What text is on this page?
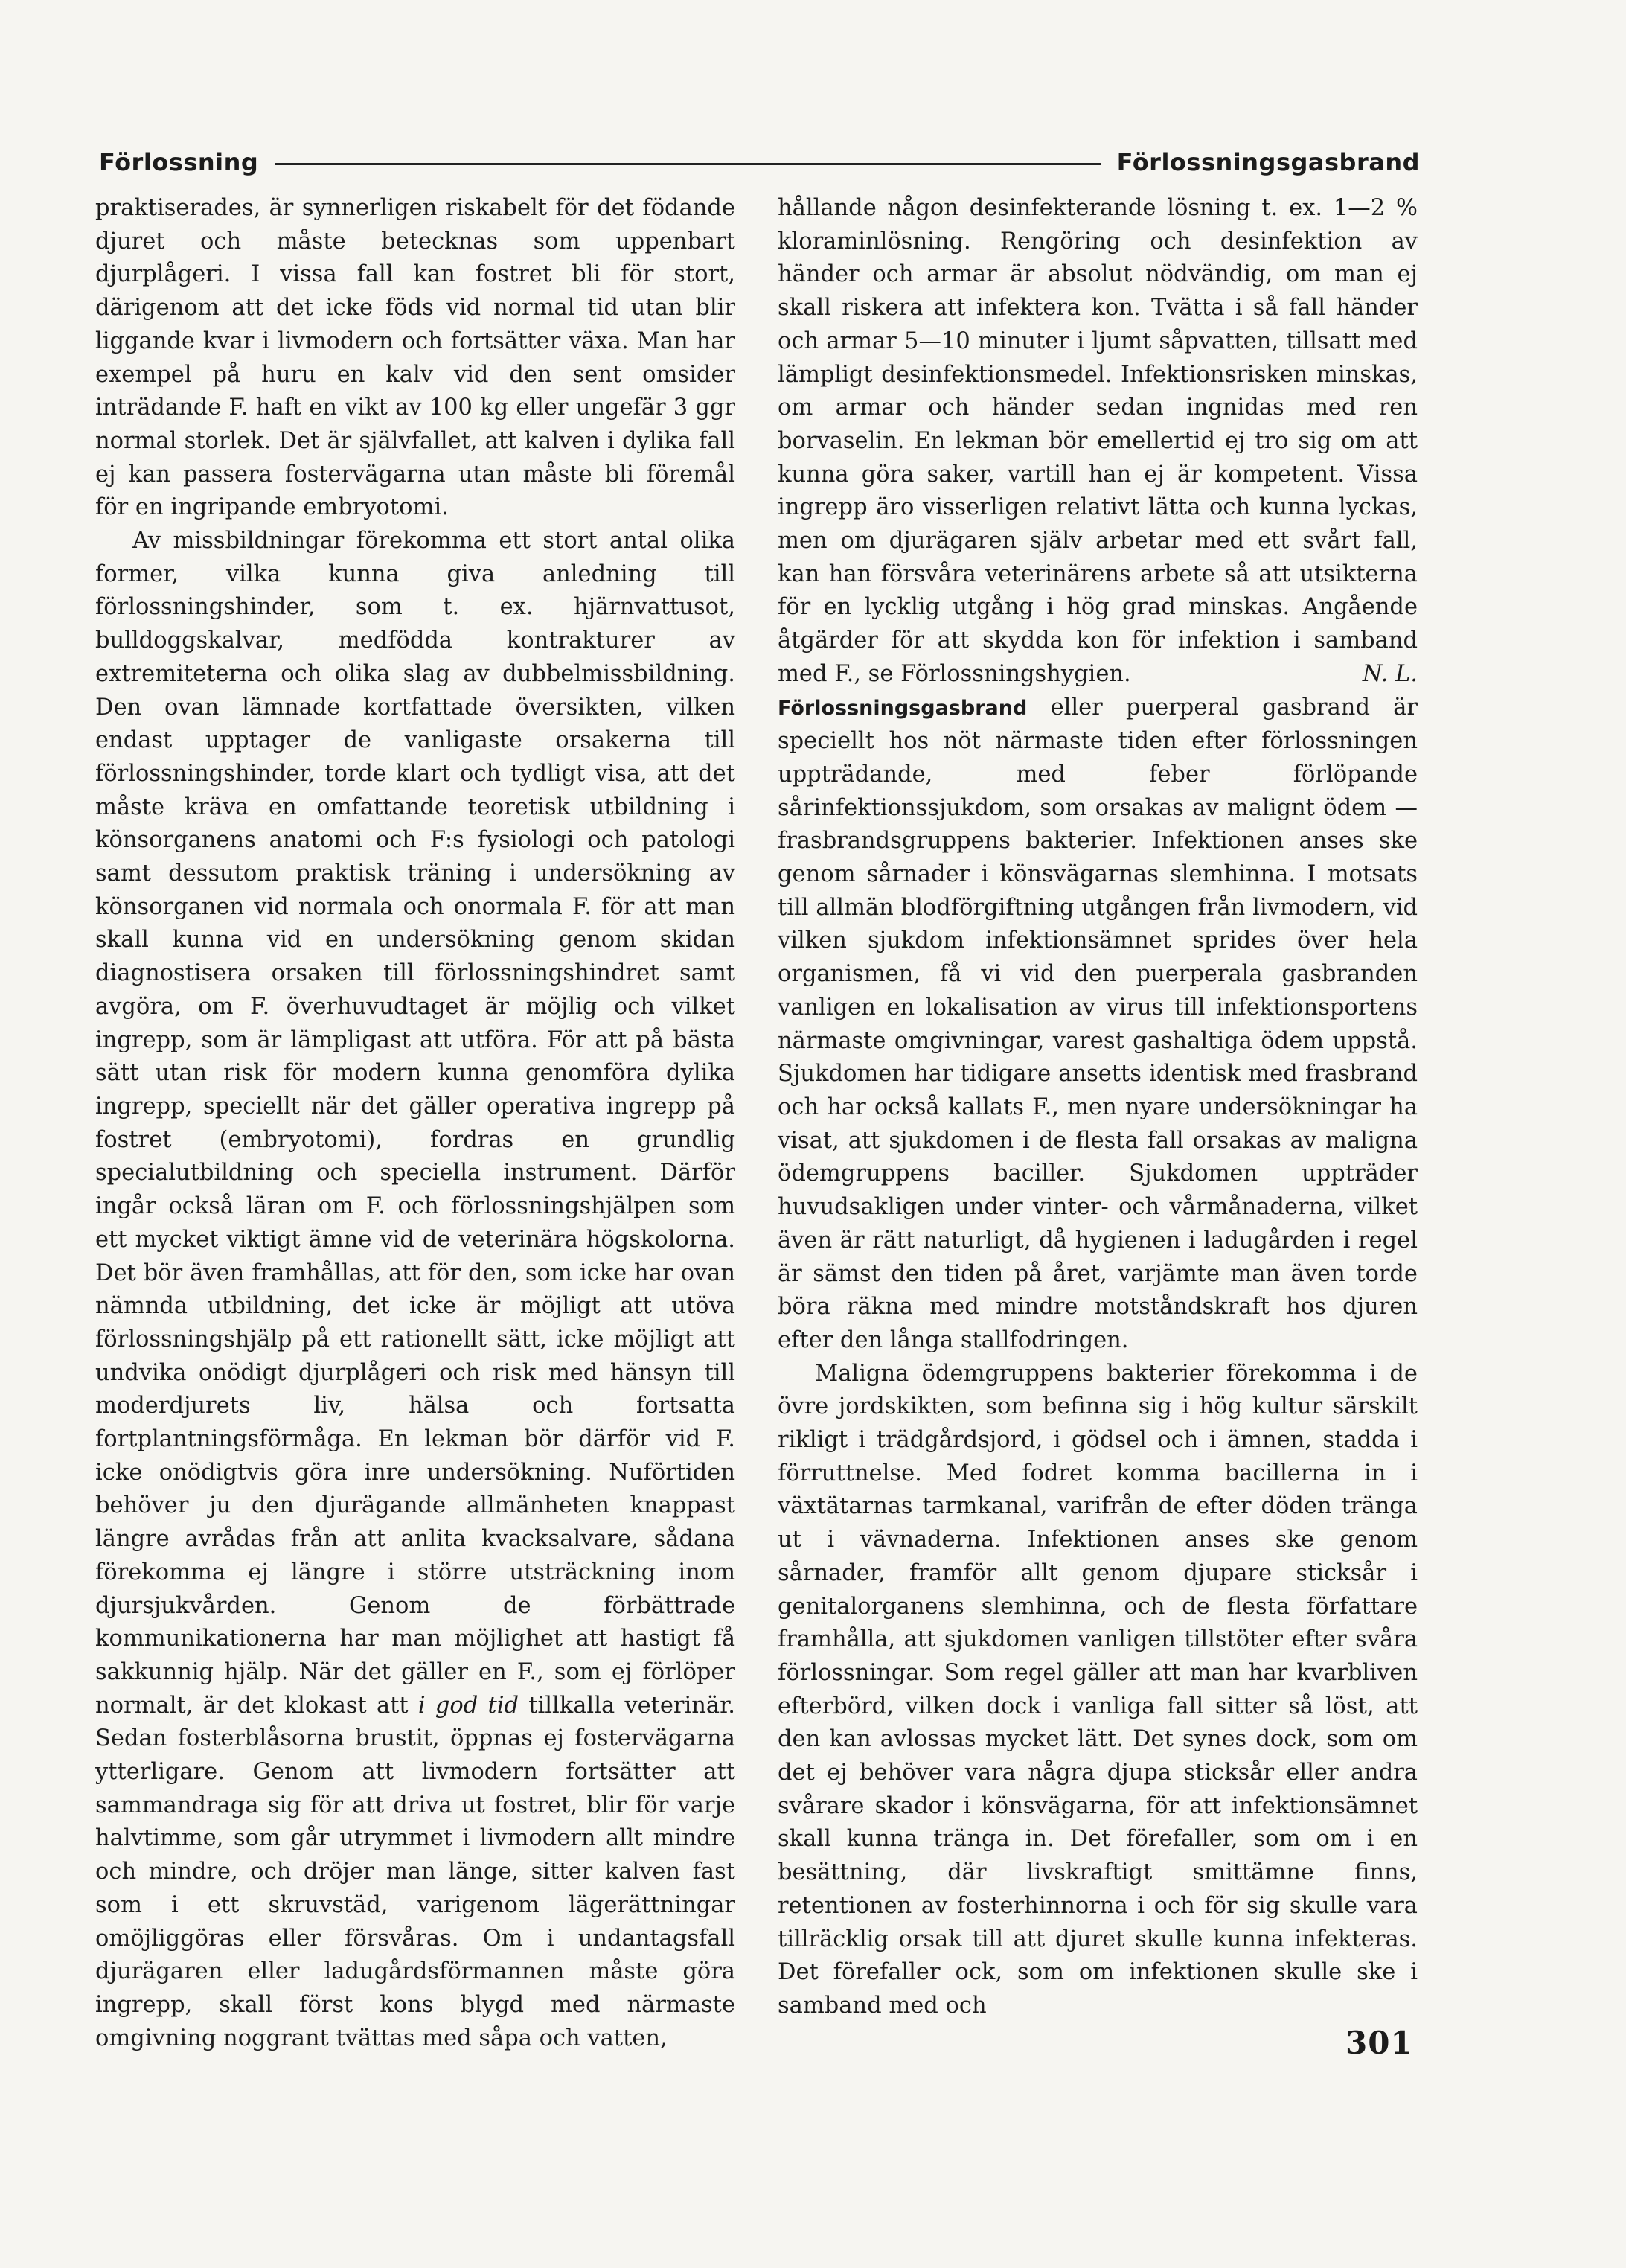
Förlossning	Förlossningsgasbrand

praktiserades, är synnerligen riskabelt för det födande djuret och måste betecknas som uppenbart djurplågeri. I vissa fall kan fostret bli för stort, därigenom att det icke föds vid normal tid utan blir liggande kvar i livmodern och fortsätter växa. Man har exempel på huru en kalv vid den sent omsider inträdande F. haft en vikt av 100 kg eller ungefär 3 ggr normal storlek. Det är självfallet, att kalven i dylika fall ej kan passera fostervägarna utan måste bli föremål för en ingripande embryotomi.

Av missbildningar förekomma ett stort antal olika former, vilka kunna giva anledning till förlossningshinder, som t. ex. hjärnvattusot, bulldoggskalvar, medfödda kontrakturer av extremiteterna och olika slag av dubbelmissbildning. Den ovan lämnade kortfattade översikten, vilken endast upptager de vanligaste orsakerna till förlossningshinder, torde klart och tydligt visa, att det måste kräva en omfattande teoretisk utbildning i könsorganens anatomi och F:s fysiologi och patologi samt dessutom praktisk träning i undersökning av könsorganen vid normala och onormala F. för att man skall kunna vid en undersökning genom skidan diagnostisera orsaken till förlossningshindret samt avgöra, om F. överhuvudtaget är möjlig och vilket ingrepp, som är lämpligast att utföra. För att på bästa sätt utan risk för modern kunna genomföra dylika ingrepp, speciellt när det gäller operativa ingrepp på fostret (embryotomi), fordras en grundlig specialutbildning och speciella instrument. Därför ingår också läran om F. och förlossningshjälpen som ett mycket viktigt ämne vid de veterinära högskolorna. Det bör även framhållas, att för den, som icke har ovan nämnda utbildning, det icke är möjligt att utöva förlossningshjälp på ett rationellt sätt, icke möjligt att undvika onödigt djurplågeri och risk med hänsyn till moderdjurets liv, hälsa och fortsatta fortplantningsförmåga. En lekman bör därför vid F. icke onödigtvis göra inre undersökning. Nuförtiden behöver ju den djurägande allmänheten knappast längre avrådas från att anlita kvacksalvare, sådana förekomma ej längre i större utsträckning inom djursjukvården. Genom de förbättrade kommunikationerna har man möjlighet att hastigt få sakkunnig hjälp. När det gäller en F., som ej förlöper normalt, är det klokast att i god tid tillkalla veterinär. Sedan fosterblåsorna brustit, öppnas ej fostervägarna ytterligare. Genom att livmodern fortsätter att sammandraga sig för att driva ut fostret, blir för varje halvtimme, som går utrymmet i livmodern allt mindre och mindre, och dröjer man länge, sitter kalven fast som i ett skruvstäd, varigenom lägerättningar omöjliggöras eller försvåras. Om i undantagsfall djurägaren eller ladugårdsförmannen måste göra ingrepp, skall först kons blygd med närmaste omgivning noggrant tvättas med såpa och vatten,

hållande någon desinfekterande lösning t. ex. 1—2 % kloraminlösning. Rengöring och desinfektion av händer och armar är absolut nödvändig, om man ej skall riskera att infektera kon. Tvätta i så fall händer och armar 5—10 minuter i ljumt såpvatten, tillsatt med lämpligt desinfektionsmedel. Infektionsrisken minskas, om armar och händer sedan ingnidas med ren borvaselin. En lekman bör emellertid ej tro sig om att kunna göra saker, vartill han ej är kompetent. Vissa ingrepp äro visserligen relativt lätta och kunna lyckas, men om djurägaren själv arbetar med ett svårt fall, kan han försvåra veterinärens arbete så att utsikterna för en lycklig utgång i hög grad minskas. Angående åtgärder för att skydda kon för infektion i samband med F., se Förlossningshygien.	N. L.

Förlossningsgasbrand eller puerperal gasbrand är speciellt hos nöt närmaste tiden efter förlossningen uppträdande, med feber förlöpande sårinfektionssjukdom, som orsakas av malignt ödem — frasbrandsgruppens bakterier. Infektionen anses ske genom sårnader i könsvägarnas slemhinna. I motsats till allmän blodförgiftning utgången från livmodern, vid vilken sjukdom infektionsämnet sprides över hela organismen, få vi vid den puerperala gasbranden vanligen en lokalisation av virus till infektionsportens närmaste omgivningar, varest gashaltiga ödem uppstå. Sjukdomen har tidigare ansetts identisk med frasbrand och har också kallats F., men nyare undersökningar ha visat, att sjukdomen i de flesta fall orsakas av maligna ödemgruppens baciller. Sjukdomen uppträder huvudsakligen under vinter- och vårmånaderna, vilket även är rätt naturligt, då hygienen i ladugården i regel är sämst den tiden på året, varjämte man även torde böra räkna med mindre motståndskraft hos djuren efter den långa stallfodringen.

Maligna ödemgruppens bakterier förekomma i de övre jordskikten, som befinna sig i hög kultur särskilt rikligt i trädgårdsjord, i gödsel och i ämnen, stadda i förruttnelse. Med fodret komma bacillerna in i växtätarnas tarmkanal, varifrån de efter döden tränga ut i vävnaderna. Infektionen anses ske genom sårnader, framför allt genom djupare sticksår i genitalorganens slemhinna, och de flesta författare framhålla, att sjukdomen vanligen tillstöter efter svåra förlossningar. Som regel gäller att man har kvarbliven efterbörd, vilken dock i vanliga fall sitter så löst, att den kan avlossas mycket lätt. Det synes dock, som om det ej behöver vara några djupa sticksår eller andra svårare skador i könsvägarna, för att infektionsämnet skall kunna tränga in. Det förefaller, som om i en besättning, där livskraftigt smittämne finns, retentionen av fosterhinnorna i och för sig skulle vara tillräcklig orsak till att djuret skulle kunna infekteras. Det förefaller ock, som om infektionen skulle ske i samband med och

301
